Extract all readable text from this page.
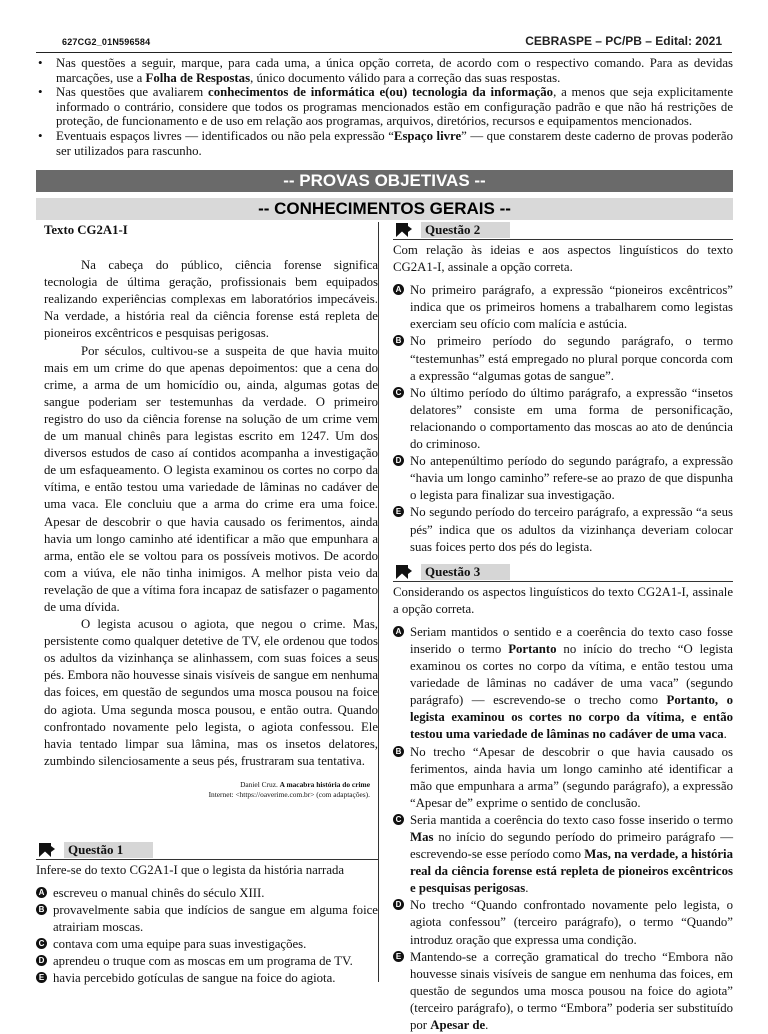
627CG2_01N596584	CEBRASPE – PC/PB – Edital: 2021
• Nas questões a seguir, marque, para cada uma, a única opção correta, de acordo com o respectivo comando. Para as devidas marcações, use a Folha de Respostas, único documento válido para a correção das suas respostas.
• Nas questões que avaliarem conhecimentos de informática e(ou) tecnologia da informação, a menos que seja explicitamente informado o contrário, considere que todos os programas mencionados estão em configuração padrão e que não há restrições de proteção, de funcionamento e de uso em relação aos programas, arquivos, diretórios, recursos e equipamentos mencionados.
• Eventuais espaços livres — identificados ou não pela expressão “Espaço livre” — que constarem deste caderno de provas poderão ser utilizados para rascunho.
-- PROVAS OBJETIVAS --
-- CONHECIMENTOS GERAIS --
Texto CG2A1-I

Na cabeça do público, ciência forense significa tecnologia de última geração, profissionais bem equipados realizando experiências complexas em laboratórios impecáveis. Na verdade, a história real da ciência forense está repleta de pioneiros excêntricos e pesquisas perigosas.

Por séculos, cultivou-se a suspeita de que havia muito mais em um crime do que apenas depoimentos: que a cena do crime, a arma de um homicídio ou, ainda, algumas gotas de sangue poderiam ser testemunhas da verdade. O primeiro registro do uso da ciência forense na solução de um crime vem de um manual chinês para legistas escrito em 1247. Um dos diversos estudos de caso aí contidos acompanha a investigação de um esfaqueamento. O legista examinou os cortes no corpo da vítima, e então testou uma variedade de lâminas no cadáver de uma vaca. Ele concluiu que a arma do crime era uma foice. Apesar de descobrir o que havia causado os ferimentos, ainda havia um longo caminho até identificar a mão que empunhara a arma, então ele se voltou para os possíveis motivos. De acordo com a viúva, ele não tinha inimigos. A melhor pista veio da revelação de que a vítima fora incapaz de satisfazer o pagamento de uma dívida.

O legista acusou o agiota, que negou o crime. Mas, persistente como qualquer detetive de TV, ele ordenou que todos os adultos da vizinhança se alinhassem, com suas foices a seus pés. Embora não houvesse sinais visíveis de sangue em nenhuma das foices, em questão de segundos uma mosca pousou na foice do agiota. Uma segunda mosca pousou, e então outra. Quando confrontado novamente pelo legista, o agiota confessou. Ele havia tentado limpar sua lâmina, mas os insetos delatores, zumbindo silenciosamente a seus pés, frustraram sua tentativa.

Daniel Cruz. A macabra história do crime
Internet: <https://oaverime.com.br> (com adaptações).
Questão 1
Infere-se do texto CG2A1-I que o legista da história narrada
A escreveu o manual chinês do século XIII.
B provavelmente sabia que indícios de sangue em alguma foice atrairiam moscas.
C contava com uma equipe para suas investigações.
D aprendeu o truque com as moscas em um programa de TV.
E havia percebido gotículas de sangue na foice do agiota.
Questão 2
Com relação às ideias e aos aspectos linguísticos do texto CG2A1-I, assinale a opção correta.
A No primeiro parágrafo, a expressão “pioneiros excêntricos” indica que os primeiros homens a trabalharem como legistas exerciam seu ofício com malícia e astúcia.
B No primeiro período do segundo parágrafo, o termo “testemunhas” está empregado no plural porque concorda com a expressão “algumas gotas de sangue”.
C No último período do último parágrafo, a expressão “insetos delatores” consiste em uma forma de personificação, relacionando o comportamento das moscas ao ato de denúncia do criminoso.
D No antepenúltimo período do segundo parágrafo, a expressão “havia um longo caminho” refere-se ao prazo de que dispunha o legista para finalizar sua investigação.
E No segundo período do terceiro parágrafo, a expressão “a seus pés” indica que os adultos da vizinhança deveriam colocar suas foices perto dos pés do legista.
Questão 3
Considerando os aspectos linguísticos do texto CG2A1-I, assinale a opção correta.
A Seriam mantidos o sentido e a coerência do texto caso fosse inserido o termo Portanto no início do trecho “O legista examinou os cortes no corpo da vítima, e então testou uma variedade de lâminas no cadáver de uma vaca” (segundo parágrafo) — escrevendo-se o trecho como Portanto, o legista examinou os cortes no corpo da vítima, e então testou uma variedade de lâminas no cadáver de uma vaca.
B No trecho “Apesar de descobrir o que havia causado os ferimentos, ainda havia um longo caminho até identificar a mão que empunhara a arma” (segundo parágrafo), a expressão “Apesar de” exprime o sentido de conclusão.
C Seria mantida a coerência do texto caso fosse inserido o termo Mas no início do segundo período do primeiro parágrafo — escrevendo-se esse período como Mas, na verdade, a história real da ciência forense está repleta de pioneiros excêntricos e pesquisas perigosas.
D No trecho “Quando confrontado novamente pelo legista, o agiota confessou” (terceiro parágrafo), o termo “Quando” introduz oração que expressa uma condição.
E Mantendo-se a correção gramatical do trecho “Embora não houvesse sinais visíveis de sangue em nenhuma das foices, em questão de segundos uma mosca pousou na foice do agiota” (terceiro parágrafo), o termo “Embora” poderia ser substituído por Apesar de.
